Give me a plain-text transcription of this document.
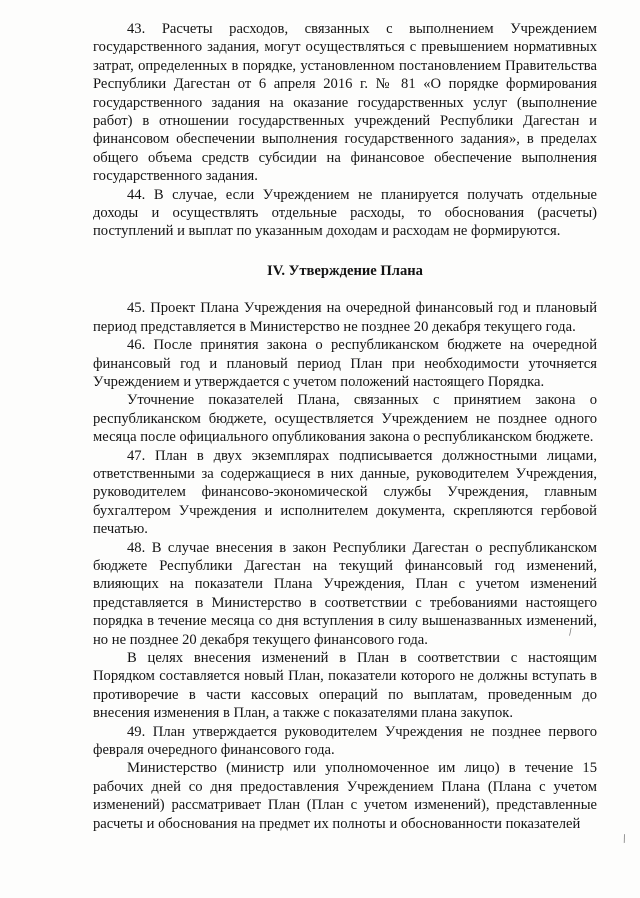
43. Расчеты расходов, связанных с выполнением Учреждением государственного задания, могут осуществляться с превышением нормативных затрат, определенных в порядке, установленном постановлением Правительства Республики Дагестан от 6 апреля 2016 г. № 81 «О порядке формирования государственного задания на оказание государственных услуг (выполнение работ) в отношении государственных учреждений Республики Дагестан и финансовом обеспечении выполнения государственного задания», в пределах общего объема средств субсидии на финансовое обеспечение выполнения государственного задания.

44. В случае, если Учреждением не планируется получать отдельные доходы и осуществлять отдельные расходы, то обоснования (расчеты) поступлений и выплат по указанным доходам и расходам не формируются.

IV. Утверждение Плана

45. Проект Плана Учреждения на очередной финансовый год и плановый период представляется в Министерство не позднее 20 декабря текущего года.

46. После принятия закона о республиканском бюджете на очередной финансовый год и плановый период План при необходимости уточняется Учреждением и утверждается с учетом положений настоящего Порядка.

Уточнение показателей Плана, связанных с принятием закона о республиканском бюджете, осуществляется Учреждением не позднее одного месяца после официального опубликования закона о республиканском бюджете.

47. План в двух экземплярах подписывается должностными лицами, ответственными за содержащиеся в них данные, руководителем Учреждения, руководителем финансово-экономической службы Учреждения, главным бухгалтером Учреждения и исполнителем документа, скрепляются гербовой печатью.

48. В случае внесения в закон Республики Дагестан о республиканском бюджете Республики Дагестан на текущий финансовый год изменений, влияющих на показатели Плана Учреждения, План с учетом изменений представляется в Министерство в соответствии с требованиями настоящего порядка в течение месяца со дня вступления в силу вышеназванных изменений, но не позднее 20 декабря текущего финансового года.

В целях внесения изменений в План в соответствии с настоящим Порядком составляется новый План, показатели которого не должны вступать в противоречие в части кассовых операций по выплатам, проведенным до внесения изменения в План, а также с показателями плана закупок.

49. План утверждается руководителем Учреждения не позднее первого февраля очередного финансового года.

Министерство (министр или уполномоченное им лицо) в течение 15 рабочих дней со дня предоставления Учреждением Плана (Плана с учетом изменений) рассматривает План (План с учетом изменений), представленные расчеты и обоснования на предмет их полноты и обоснованности показателей

⁄
⁄
